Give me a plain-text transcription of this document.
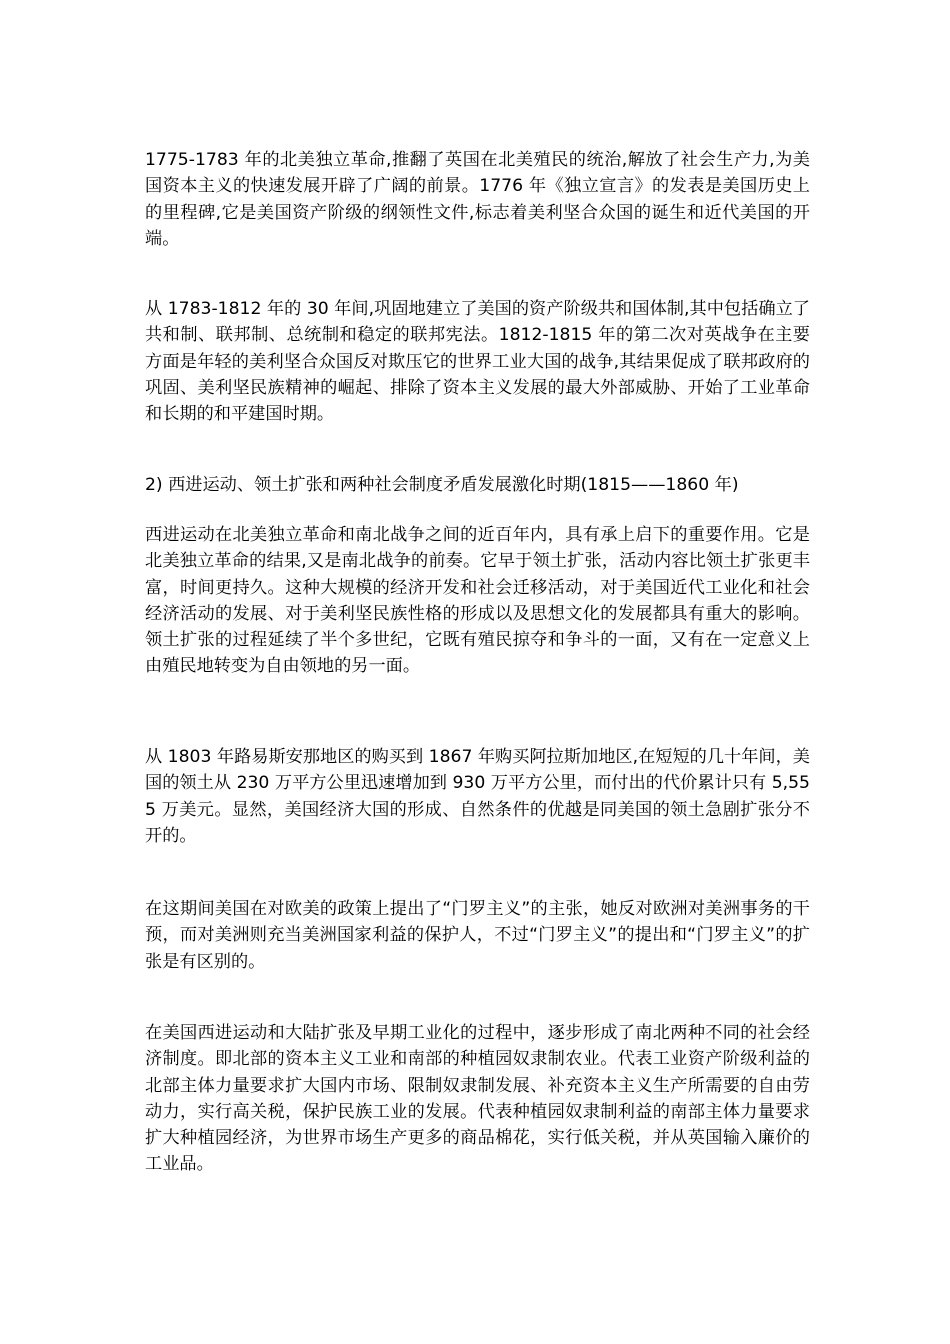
1775-1783 年的北美独立革命,推翻了英国在北美殖民的统治,解放了社会生产力,为美国资本主义的快速发展开辟了广阔的前景。1776 年《独立宣言》的发表是美国历史上的里程碑,它是美国资产阶级的纲领性文件,标志着美利坚合众国的诞生和近代美国的开端。

从 1783-1812 年的 30 年间,巩固地建立了美国的资产阶级共和国体制,其中包括确立了共和制、联邦制、总统制和稳定的联邦宪法。1812-1815 年的第二次对英战争在主要方面是年轻的美利坚合众国反对欺压它的世界工业大国的战争,其结果促成了联邦政府的巩固、美利坚民族精神的崛起、排除了资本主义发展的最大外部威胁、开始了工业革命和长期的和平建国时期。

2) 西进运动、领土扩张和两种社会制度矛盾发展激化时期(1815——1860 年)

西进运动在北美独立革命和南北战争之间的近百年内，具有承上启下的重要作用。它是北美独立革命的结果,又是南北战争的前奏。它早于领土扩张，活动内容比领土扩张更丰富，时间更持久。这种大规模的经济开发和社会迁移活动，对于美国近代工业化和社会经济活动的发展、对于美利坚民族性格的形成以及思想文化的发展都具有重大的影响。领土扩张的过程延续了半个多世纪，它既有殖民掠夺和争斗的一面，又有在一定意义上由殖民地转变为自由领地的另一面。

从 1803 年路易斯安那地区的购买到 1867 年购买阿拉斯加地区,在短短的几十年间，美国的领土从 230 万平方公里迅速增加到 930 万平方公里，而付出的代价累计只有 5,555 万美元。显然，美国经济大国的形成、自然条件的优越是同美国的领土急剧扩张分不开的。

在这期间美国在对欧美的政策上提出了“门罗主义”的主张，她反对欧洲对美洲事务的干预，而对美洲则充当美洲国家利益的保护人，不过“门罗主义”的提出和“门罗主义”的扩张是有区别的。

在美国西进运动和大陆扩张及早期工业化的过程中，逐步形成了南北两种不同的社会经济制度。即北部的资本主义工业和南部的种植园奴隶制农业。代表工业资产阶级利益的北部主体力量要求扩大国内市场、限制奴隶制发展、补充资本主义生产所需要的自由劳动力，实行高关税，保护民族工业的发展。代表种植园奴隶制利益的南部主体力量要求扩大种植园经济，为世界市场生产更多的商品棉花，实行低关税，并从英国输入廉价的工业品。
